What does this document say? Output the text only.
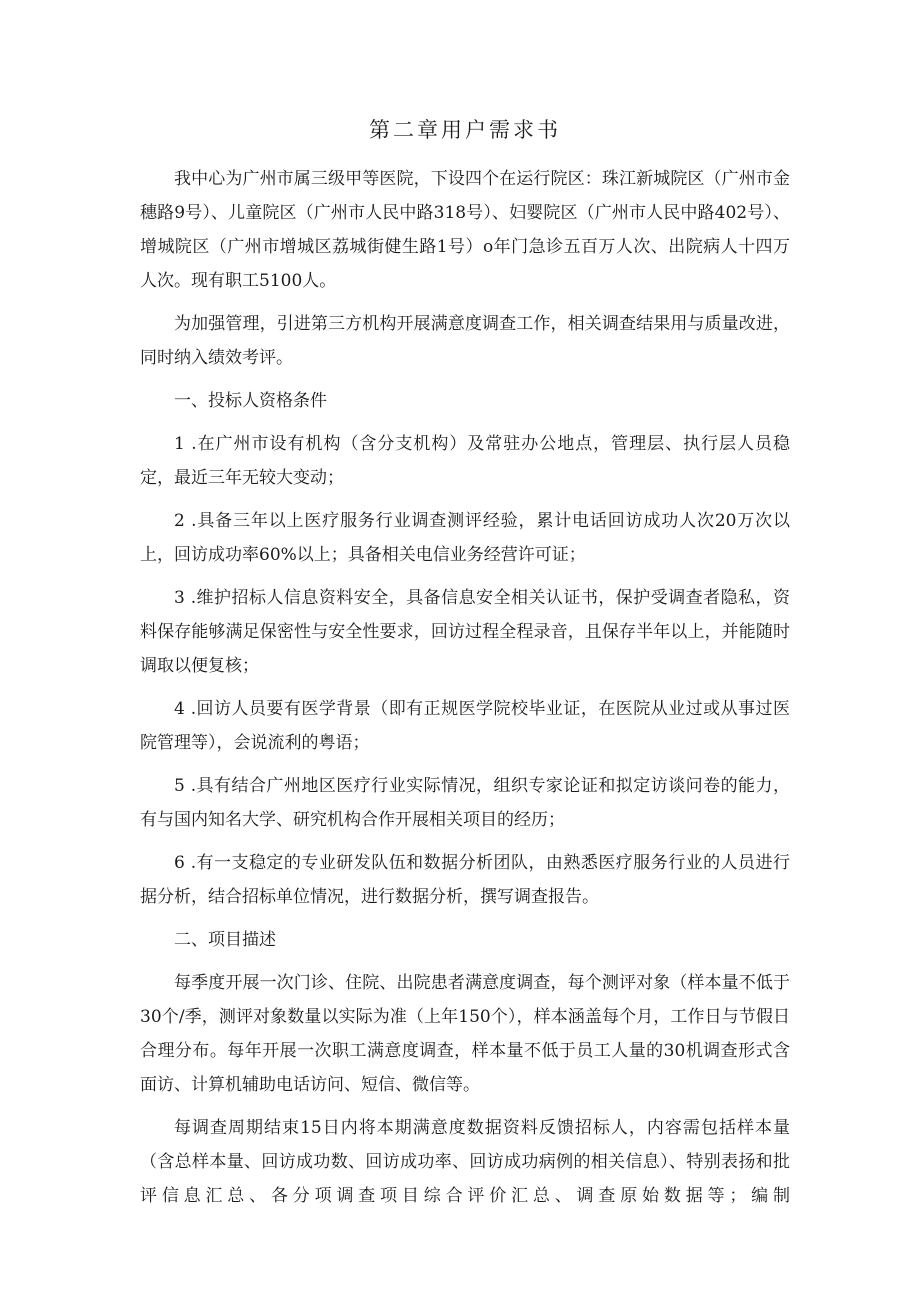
第二章用户需求书

我中心为广州市属三级甲等医院，下设四个在运行院区：珠江新城院区（广州市金穗路9号）、儿童院区（广州市人民中路318号）、妇婴院区（广州市人民中路402号）、增城院区（广州市增城区荔城街健生路1号）o年门急诊五百万人次、出院病人十四万人次。现有职工5100人。

为加强管理，引进第三方机构开展满意度调查工作，相关调查结果用与质量改进，同时纳入绩效考评。

一、投标人资格条件

1 .在广州市设有机构（含分支机构）及常驻办公地点，管理层、执行层人员稳定，最近三年无较大变动；

2 .具备三年以上医疗服务行业调查测评经验，累计电话回访成功人次20万次以上，回访成功率60%以上；具备相关电信业务经营许可证；

3 .维护招标人信息资料安全，具备信息安全相关认证书，保护受调查者隐私，资料保存能够满足保密性与安全性要求，回访过程全程录音，且保存半年以上，并能随时调取以便复核；

4 .回访人员要有医学背景（即有正规医学院校毕业证，在医院从业过或从事过医院管理等），会说流利的粤语；

5 .具有结合广州地区医疗行业实际情况，组织专家论证和拟定访谈问卷的能力，有与国内知名大学、研究机构合作开展相关项目的经历；

6 .有一支稳定的专业研发队伍和数据分析团队，由熟悉医疗服务行业的人员进行据分析，结合招标单位情况，进行数据分析，撰写调查报告。

二、项目描述

每季度开展一次门诊、住院、出院患者满意度调查，每个测评对象（样本量不低于30个/季，测评对象数量以实际为准（上年150个），样本涵盖每个月，工作日与节假日合理分布。每年开展一次职工满意度调查，样本量不低于员工人量的30机调查形式含面访、计算机辅助电话访问、短信、微信等。

每调查周期结束15日内将本期满意度数据资料反馈招标人，内容需包括样本量（含总样本量、回访成功数、回访成功率、回访成功病例的相关信息）、特别表扬和批评信息汇总、各分项调查项目综合评价汇总、调查原始数据等；编制
